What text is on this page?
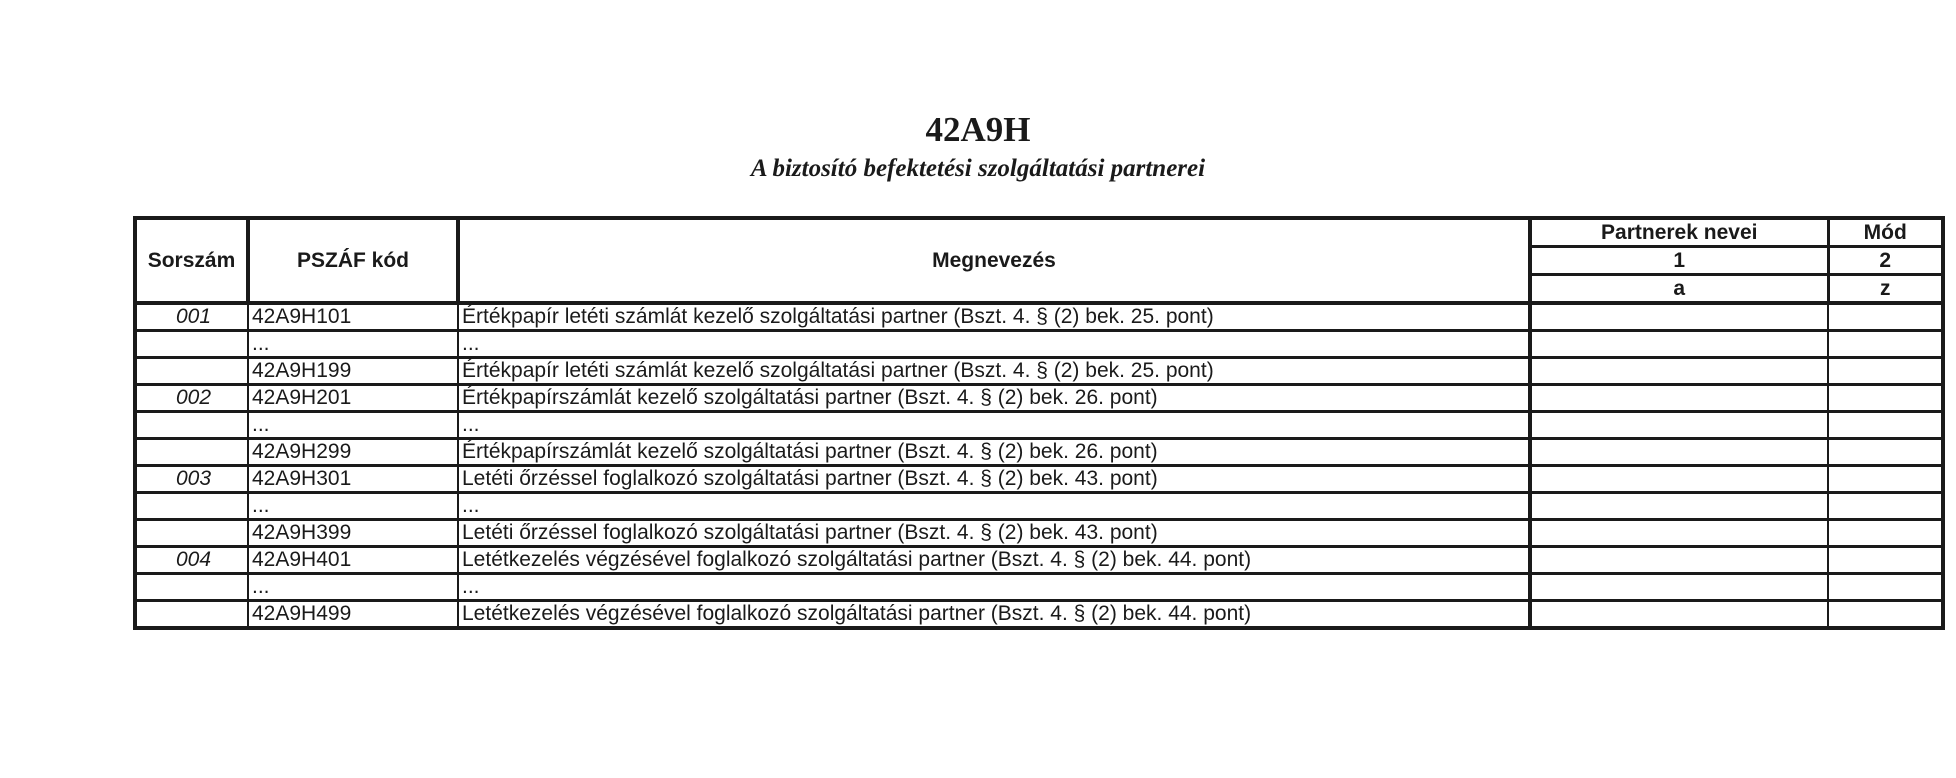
42A9H
A biztosító befektetési szolgáltatási partnerei
Sorszám	PSZÁF kód	Megnevezés	Partnerek nevei	Mód
			1	2
			a	z
001	42A9H101	Értékpapír letéti számlát kezelő szolgáltatási partner (Bszt. 4. § (2) bek. 25. pont)		
	...	...		
	42A9H199	Értékpapír letéti számlát kezelő szolgáltatási partner (Bszt. 4. § (2) bek. 25. pont)		
002	42A9H201	Értékpapírszámlát kezelő szolgáltatási partner (Bszt. 4. § (2) bek. 26. pont)		
	...	...		
	42A9H299	Értékpapírszámlát kezelő szolgáltatási partner (Bszt. 4. § (2) bek. 26. pont)		
003	42A9H301	Letéti őrzéssel foglalkozó szolgáltatási partner (Bszt. 4. § (2) bek. 43. pont)		
	...	...		
	42A9H399	Letéti őrzéssel foglalkozó szolgáltatási partner (Bszt. 4. § (2) bek. 43. pont)		
004	42A9H401	Letétkezelés végzésével foglalkozó szolgáltatási partner (Bszt. 4. § (2) bek. 44. pont)		
	...	...		
	42A9H499	Letétkezelés végzésével foglalkozó szolgáltatási partner (Bszt. 4. § (2) bek. 44. pont)		
